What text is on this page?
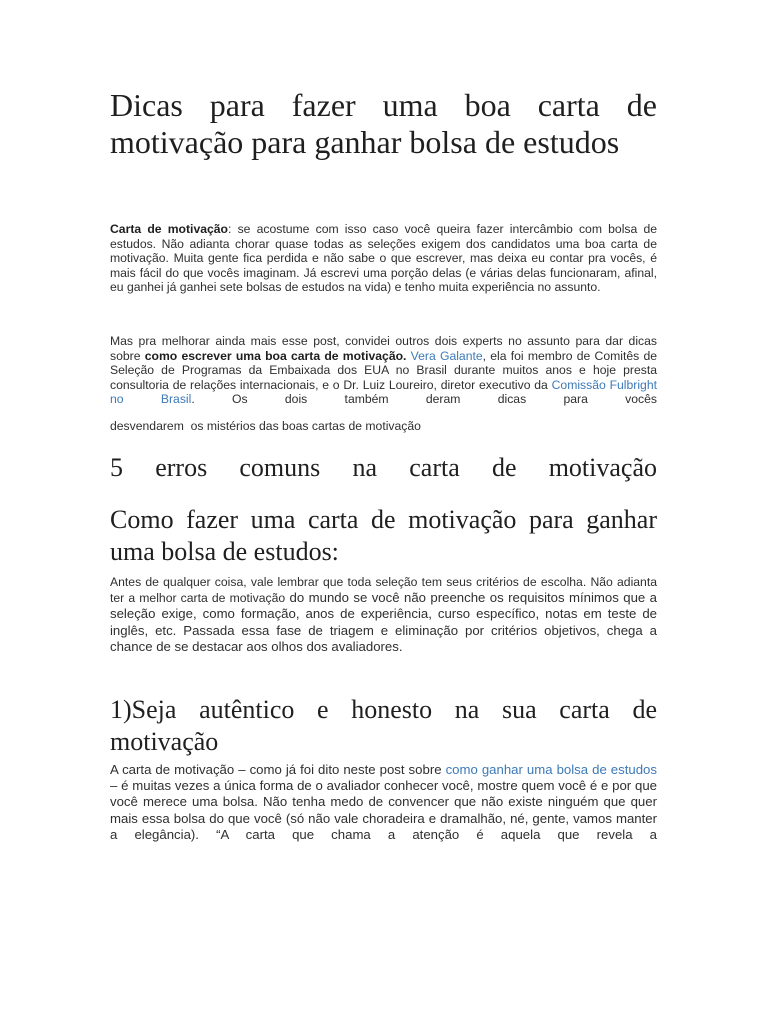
Dicas para fazer uma boa carta de motivação para ganhar bolsa de estudos

Carta de motivação: se acostume com isso caso você queira fazer intercâmbio com bolsa de estudos. Não adianta chorar quase todas as seleções exigem dos candidatos uma boa carta de motivação. Muita gente fica perdida e não sabe o que escrever, mas deixa eu contar pra vocês, é mais fácil do que vocês imaginam. Já escrevi uma porção delas (e várias delas funcionaram, afinal, eu ganhei já ganhei sete bolsas de estudos na vida) e tenho muita experiência no assunto.

Mas pra melhorar ainda mais esse post, convidei outros dois experts no assunto para dar dicas sobre como escrever uma boa carta de motivação. Vera Galante, ela foi membro de Comitês de Seleção de Programas da Embaixada dos EUA no Brasil durante muitos anos e hoje presta consultoria de relações internacionais, e o Dr. Luiz Loureiro, diretor executivo da Comissão Fulbright no Brasil. Os dois também deram dicas para vocês

desvendarem  os mistérios das boas cartas de motivação

5 erros comuns na carta de motivação
Como fazer uma carta de motivação para ganhar uma bolsa de estudos:

Antes de qualquer coisa, vale lembrar que toda seleção tem seus critérios de escolha. Não adianta ter a melhor carta de motivação do mundo se você não preenche os requisitos mínimos que a seleção exige, como formação, anos de experiência, curso específico, notas em teste de inglês, etc. Passada essa fase de triagem e eliminação por critérios objetivos, chega a chance de se destacar aos olhos dos avaliadores.

1)Seja autêntico e honesto na sua carta de motivação

A carta de motivação – como já foi dito neste post sobre como ganhar uma bolsa de estudos – é muitas vezes a única forma de o avaliador conhecer você, mostre quem você é e por que você merece uma bolsa. Não tenha medo de convencer que não existe ninguém que quer mais essa bolsa do que você (só não vale choradeira e dramalhão, né, gente, vamos manter a elegância). “A carta que chama a atenção é aquela que revela a
